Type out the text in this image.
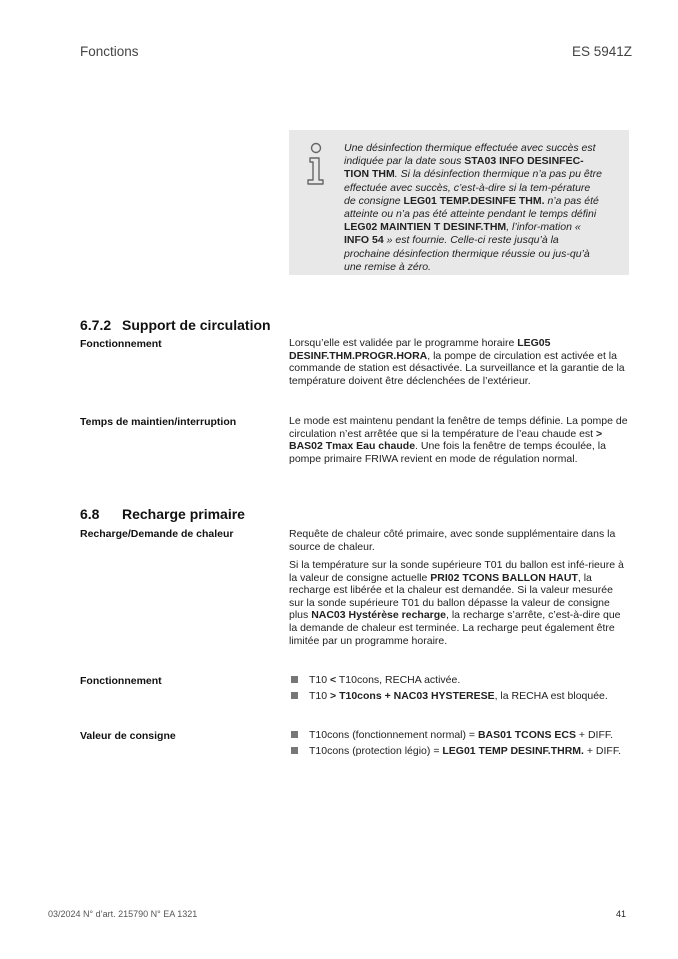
Fonctions	ES 5941Z
Une désinfection thermique effectuée avec succès est indiquée par la date sous STA03 INFO DESINFEC-TION THM. Si la désinfection thermique n’a pas pu être effectuée avec succès, c’est-à-dire si la tem-pérature de consigne LEG01 TEMP.DESINFE THM. n’a pas été atteinte ou n’a pas été atteinte pendant le temps défini LEG02 MAINTIEN T DESINF.THM, l’infor-mation « INFO 54 » est fournie. Celle-ci reste jusqu’à la prochaine désinfection thermique réussie ou jus-qu’à une remise à zéro.
6.7.2 Support de circulation
Fonctionnement	Lorsqu’elle est validée par le programme horaire LEG05 DESINF.THM.PROGR.HORA, la pompe de circulation est activée et la commande de station est désactivée. La surveillance et la garantie de la température doivent être déclenchées de l’extérieur.
Temps de maintien/interruption	Le mode est maintenu pendant la fenêtre de temps définie. La pompe de circulation n’est arrêtée que si la température de l’eau chaude est > BAS02 Tmax Eau chaude. Une fois la fenêtre de temps écoulée, la pompe primaire FRIWA revient en mode de régulation normal.
6.8 Recharge primaire
Recharge/Demande de chaleur	Requête de chaleur côté primaire, avec sonde supplémentaire dans la source de chaleur.
Si la température sur la sonde supérieure T01 du ballon est infé-rieure à la valeur de consigne actuelle PRI02 TCONS BALLON HAUT, la recharge est libérée et la chaleur est demandée. Si la valeur mesurée sur la sonde supérieure T01 du ballon dépasse la valeur de consigne plus NAC03 Hystérèse recharge, la recharge s’arrête, c’est-à-dire que la demande de chaleur est terminée. La recharge peut également être limitée par un programme horaire.
Fonctionnement	T10 < T10cons, RECHA activée.
T10 > T10cons + NAC03 HYSTERESE, la RECHA est bloquée.
Valeur de consigne	T10cons (fonctionnement normal) = BAS01 TCONS ECS + DIFF.
T10cons (protection légio) = LEG01 TEMP DESINF.THRM. + DIFF.
03/2024 N° d’art. 215790 N° EA 1321	41
